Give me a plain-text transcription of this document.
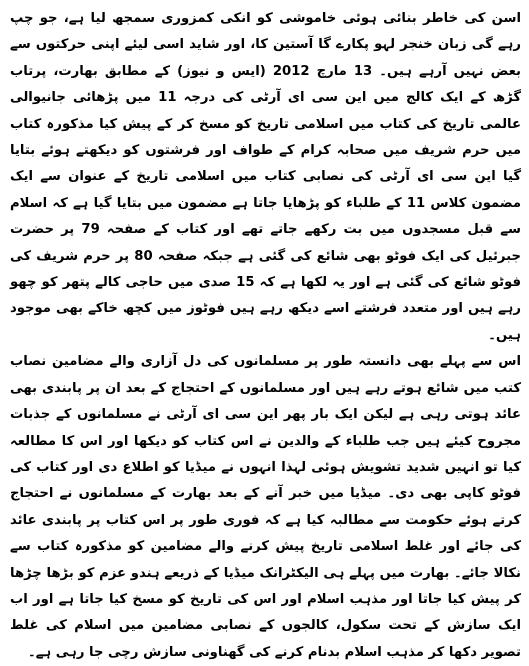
اسن کی خاطر بنائی ہوئی خاموشی کو انکی کمزوری سمجھ لیا ہے، جو چپ رہے گی زبان خنجر لہو پکارے گا آستین کا، اور شاید اسی لیئے اپنی حرکتوں سے بعض نہیں آرہے ہیں۔ 13 مارچ 2012 (ایس و نیوز) کے مطابق بھارت، پرتاب گڑھ کے ایک کالج میں این سی ای آرٹی کی درجہ 11 میں پڑھائی جانیوالی عالمی تاریخ کی کتاب میں اسلامی تاریخ کو مسخ کر کے پیش کیا مذکورہ کتاب میں حرم شریف میں صحابہ کرام کے طواف اور فرشتوں کو دیکھتے ہوئے بتایا گیا این سی ای آرٹی کی نصابی کتاب میں اسلامی تاریخ کے عنوان سے ایک مضمون کلاس 11 کے طلباء کو پڑھایا جاتا ہے مضمون میں بتایا گیا ہے کہ اسلام سے قبل مسجدوں میں بت رکھے جاتے تھے اور کتاب کے صفحہ 79 پر حضرت جبرئیل کی ایک فوٹو بھی شائع کی گئی ہے جبکہ صفحہ 80 پر حرم شریف کی فوٹو شائع کی گئی ہے اور یہ لکھا ہے کہ 15 صدی میں حاجی کالے پتھر کو چھو رہے ہیں اور متعدد فرشتے اسے دیکھ رہے ہیں فوٹوز میں کچھ خاکے بھی موجود ہیں۔

اس سے پہلے بھی دانستہ طور پر مسلمانوں کی دل آزاری والے مضامین نصاب کتب میں شائع ہوتے رہے ہیں اور مسلمانوں کے احتجاج کے بعد ان پر پابندی بھی عائد ہوتی رہی ہے لیکن ایک بار پھر این سی ای آرٹی نے مسلمانوں کے جذبات مجروح کیئے ہیں جب طلباء کے والدین نے اس کتاب کو دیکھا اور اس کا مطالعہ کیا تو انہیں شدید تشویش ہوئی لہذا انہوں نے میڈیا کو اطلاع دی اور کتاب کی فوٹو کاپی بھی دی۔ میڈیا میں خبر آنے کے بعد بھارت کے مسلمانوں نے احتجاج کرتے ہوئے حکومت سے مطالبہ کیا ہے کہ فوری طور پر اس کتاب پر پابندی عائد کی جائے اور غلط اسلامی تاریخ پیش کرنے والے مضامین کو مذکورہ کتاب سے نکالا جائے۔ بھارت میں پہلے ہی الیکٹرانک میڈیا کے ذریعے ہندو عزم کو بڑھا چڑھا کر پیش کیا جاتا اور مذہب اسلام اور اس کی تاریخ کو مسخ کیا جاتا ہے اور اب ایک سازش کے تحت سکول، کالجوں کے نصابی مضامین میں اسلام کی غلط تصویر دکھا کر مذہب اسلام بدنام کرنے کی گھناونی سازش رچی جا رہی ہے۔
